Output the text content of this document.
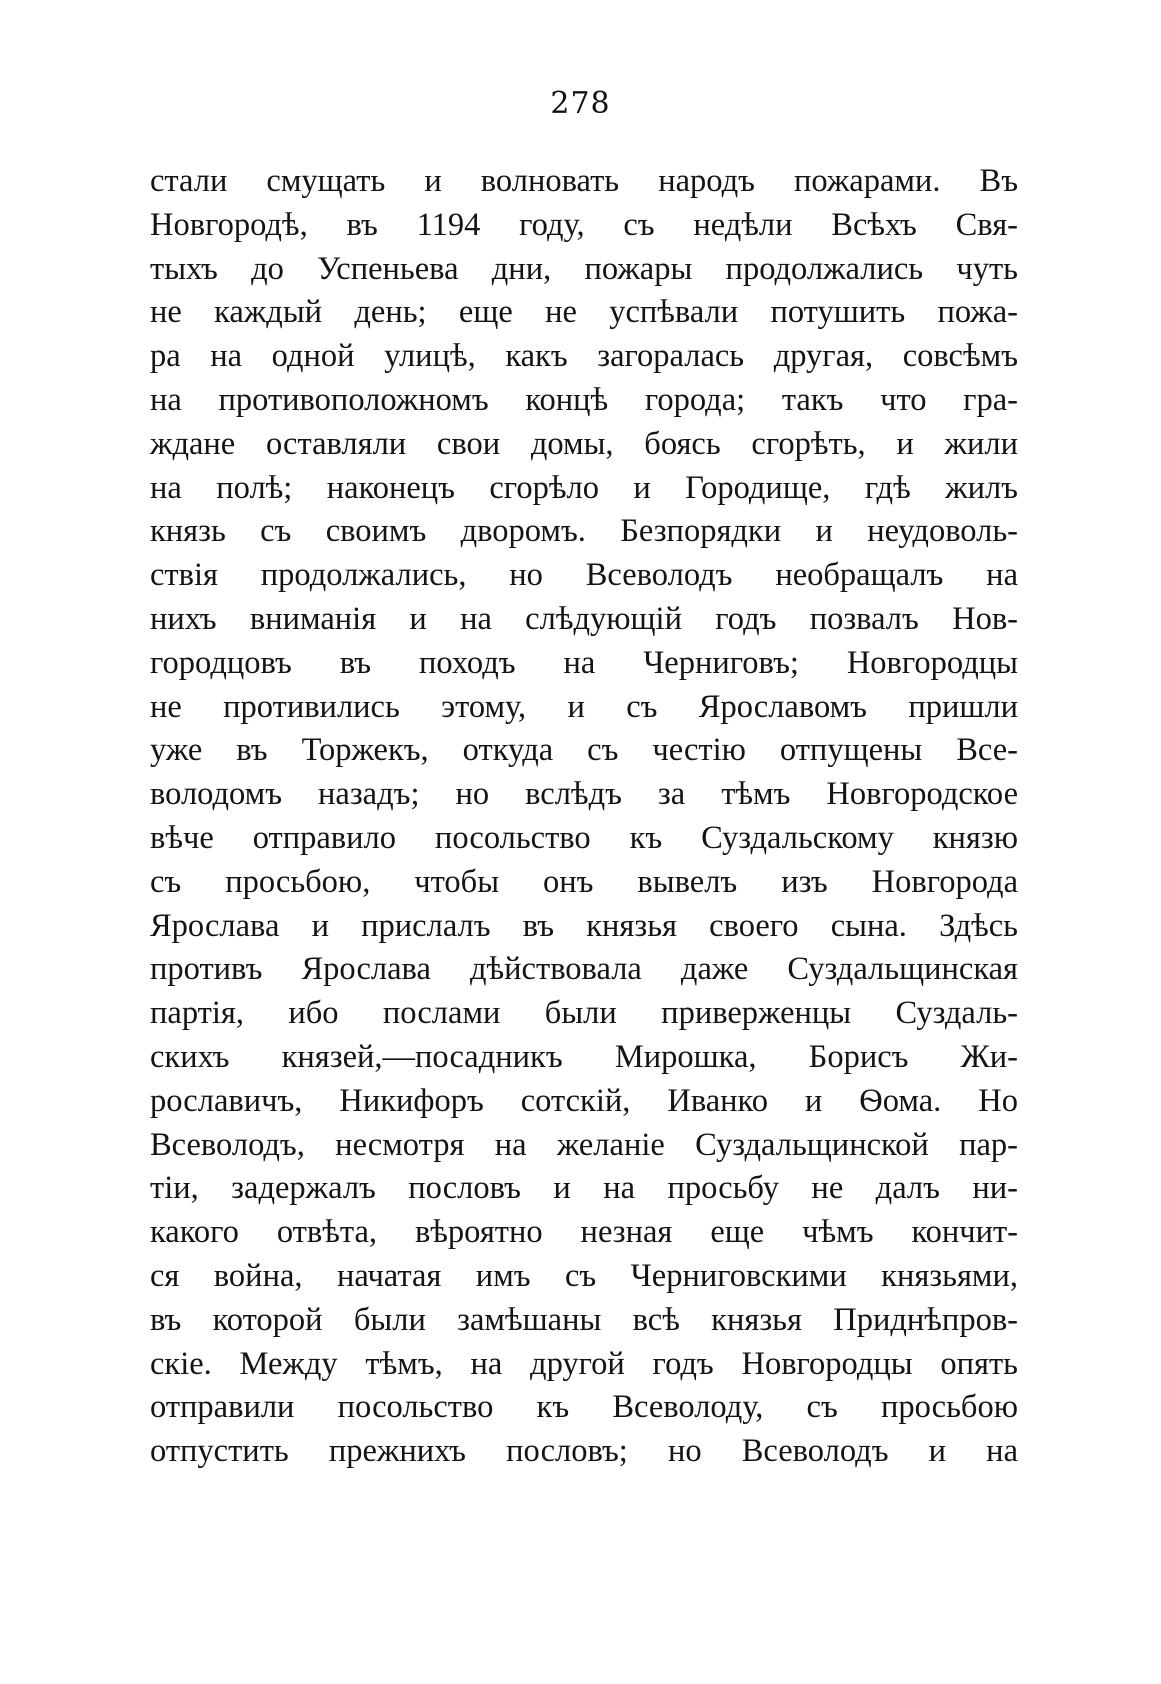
278
стали смущать и волновать народъ пожарами. Въ
Новгородѣ, въ 1194 году, съ недѣли Всѣхъ Свя-
тыхъ до Успеньева дни, пожары продолжались чуть
не каждый день; еще не успѣвали потушить пожа-
ра на одной улицѣ, какъ загоралась другая, совсѣмъ
на противоположномъ концѣ города; такъ что гра-
ждане оставляли свои домы, боясь сгорѣть, и жили
на полѣ; наконецъ сгорѣло и Городище, гдѣ жилъ
князь съ своимъ дворомъ. Безпорядки и неудоволь-
ствія продолжались, но Всеволодъ необращалъ на
нихъ вниманія и на слѣдующій годъ позвалъ Нов-
городцовъ въ походъ на Черниговъ; Новгородцы
не противились этому, и съ Ярославомъ пришли
уже въ Торжекъ, откуда съ честію отпущены Все-
володомъ назадъ; но вслѣдъ за тѣмъ Новгородское
вѣче отправило посольство къ Суздальскому князю
съ просьбою, чтобы онъ вывелъ изъ Новгорода
Ярослава и прислалъ въ князья своего сына. Здѣсь
противъ Ярослава дѣйствовала даже Суздальщинская
партія, ибо послами были приверженцы Суздаль-
скихъ князей,—посадникъ Мирошка, Борисъ Жи-
рославичъ, Никифоръ сотскій, Иванко и Ѳома. Но
Всеволодъ, несмотря на желаніе Суздальщинской пар-
тіи, задержалъ пословъ и на просьбу не далъ ни-
какого отвѣта, вѣроятно незная еще чѣмъ кончит-
ся война, начатая имъ съ Черниговскими князьями,
въ которой были замѣшаны всѣ князья Приднѣпров-
скіе. Между тѣмъ, на другой годъ Новгородцы опять
отправили посольство къ Всеволоду, съ просьбою
отпустить прежнихъ пословъ; но Всеволодъ и на
